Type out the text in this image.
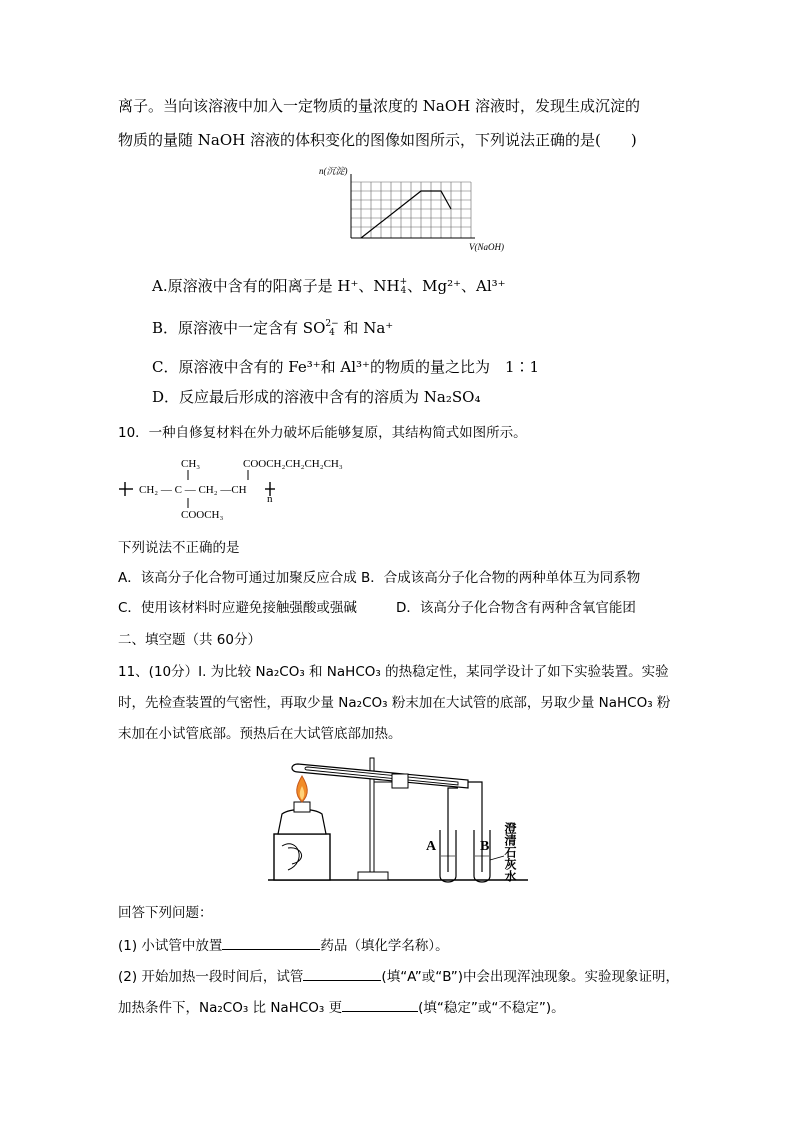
离子。当向该溶液中加入一定物质的量浓度的 NaOH 溶液时，发现生成沉淀的
物质的量随 NaOH 溶液的体积变化的图像如图所示，下列说法正确的是(　　)
n(沉淀)
V(NaOH)
A.原溶液中含有的阳离子是 H⁺、NH +
4 、Mg²⁺、Al³⁺
B．原溶液中一定含有 SO 2−
4 和 Na⁺
C．原溶液中含有的 Fe³⁺和 Al³⁺的物质的量之比为　1∶1
D．反应最后形成的溶液中含有的溶质为 Na₂SO₄
10．一种自修复材料在外力破坏后能够复原，其结构简式如图所示。
CH₃	COOCH₂CH₂CH₂CH₃
CH₂ — C — CH₂ —CH
n
COOCH₃
下列说法不正确的是
A．该高分子化合物可通过加聚反应合成 B．合成该高分子化合物的两种单体互为同系物
C．使用该材料时应避免接触强酸或强碱	D．该高分子化合物含有两种含氧官能团
二、填空题（共 60分）
11、(10分）I. 为比较 Na₂CO₃ 和 NaHCO₃ 的热稳定性，某同学设计了如下实验装置。实验
时，先检查装置的气密性，再取少量 Na₂CO₃ 粉末加在大试管的底部，另取少量 NaHCO₃ 粉
末加在小试管底部。预热后在大试管底部加热。
A	B 澄清石灰水
回答下列问题：
(1) 小试管中放置	药品（填化学名称）。
(2) 开始加热一段时间后，试管	(填“A”或“B”)中会出现浑浊现象。实验现象证明，
加热条件下，Na₂CO₃ 比 NaHCO₃ 更	(填“稳定”或“不稳定”)。
